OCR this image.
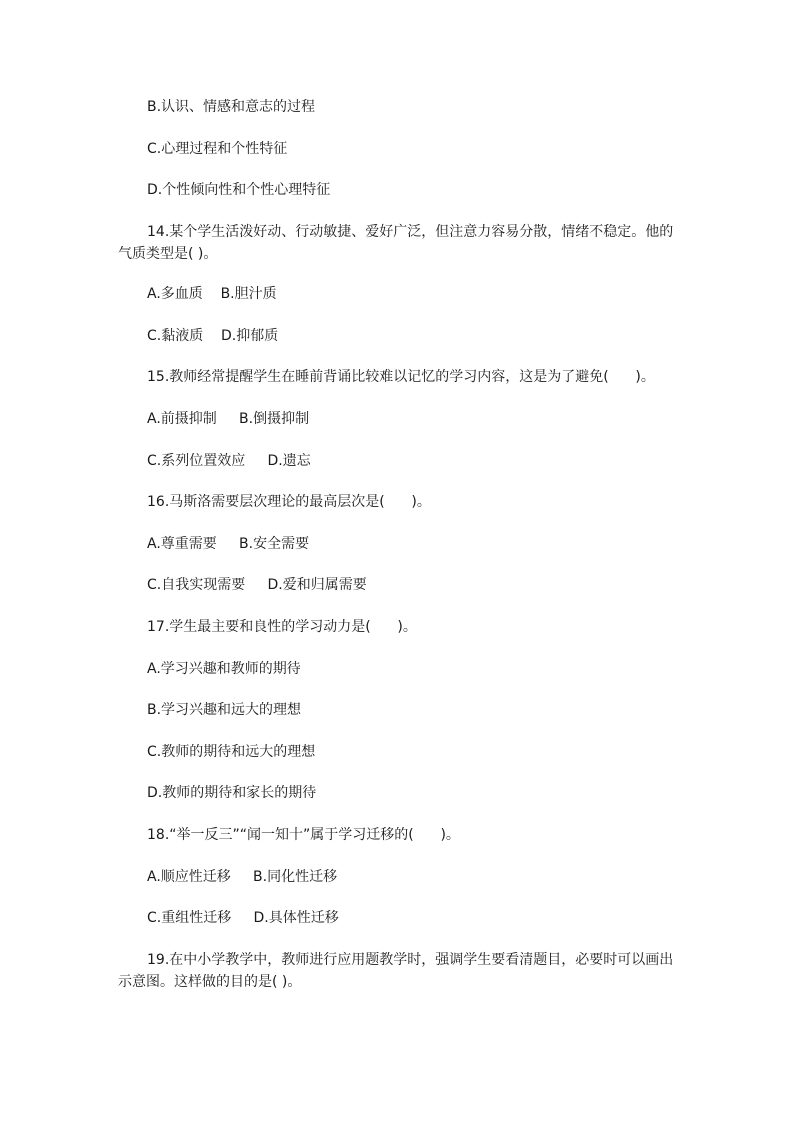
B.认识、情感和意志的过程
C.心理过程和个性特征
D.个性倾向性和个性心理特征
14.某个学生活泼好动、行动敏捷、爱好广泛，但注意力容易分散，情绪不稳定。他的气质类型是( )。
A.多血质    B.胆汁质
C.黏液质    D.抑郁质
15.教师经常提醒学生在睡前背诵比较难以记忆的学习内容，这是为了避免(      )。
A.前摄抑制     B.倒摄抑制
C.系列位置效应     D.遗忘
16.马斯洛需要层次理论的最高层次是(      )。
A.尊重需要     B.安全需要
C.自我实现需要     D.爱和归属需要
17.学生最主要和良性的学习动力是(      )。
A.学习兴趣和教师的期待
B.学习兴趣和远大的理想
C.教师的期待和远大的理想
D.教师的期待和家长的期待
18.“举一反三”“闻一知十”属于学习迁移的(      )。
A.顺应性迁移     B.同化性迁移
C.重组性迁移     D.具体性迁移
19.在中小学教学中，教师进行应用题教学时，强调学生要看清题目，必要时可以画出示意图。这样做的目的是( )。
